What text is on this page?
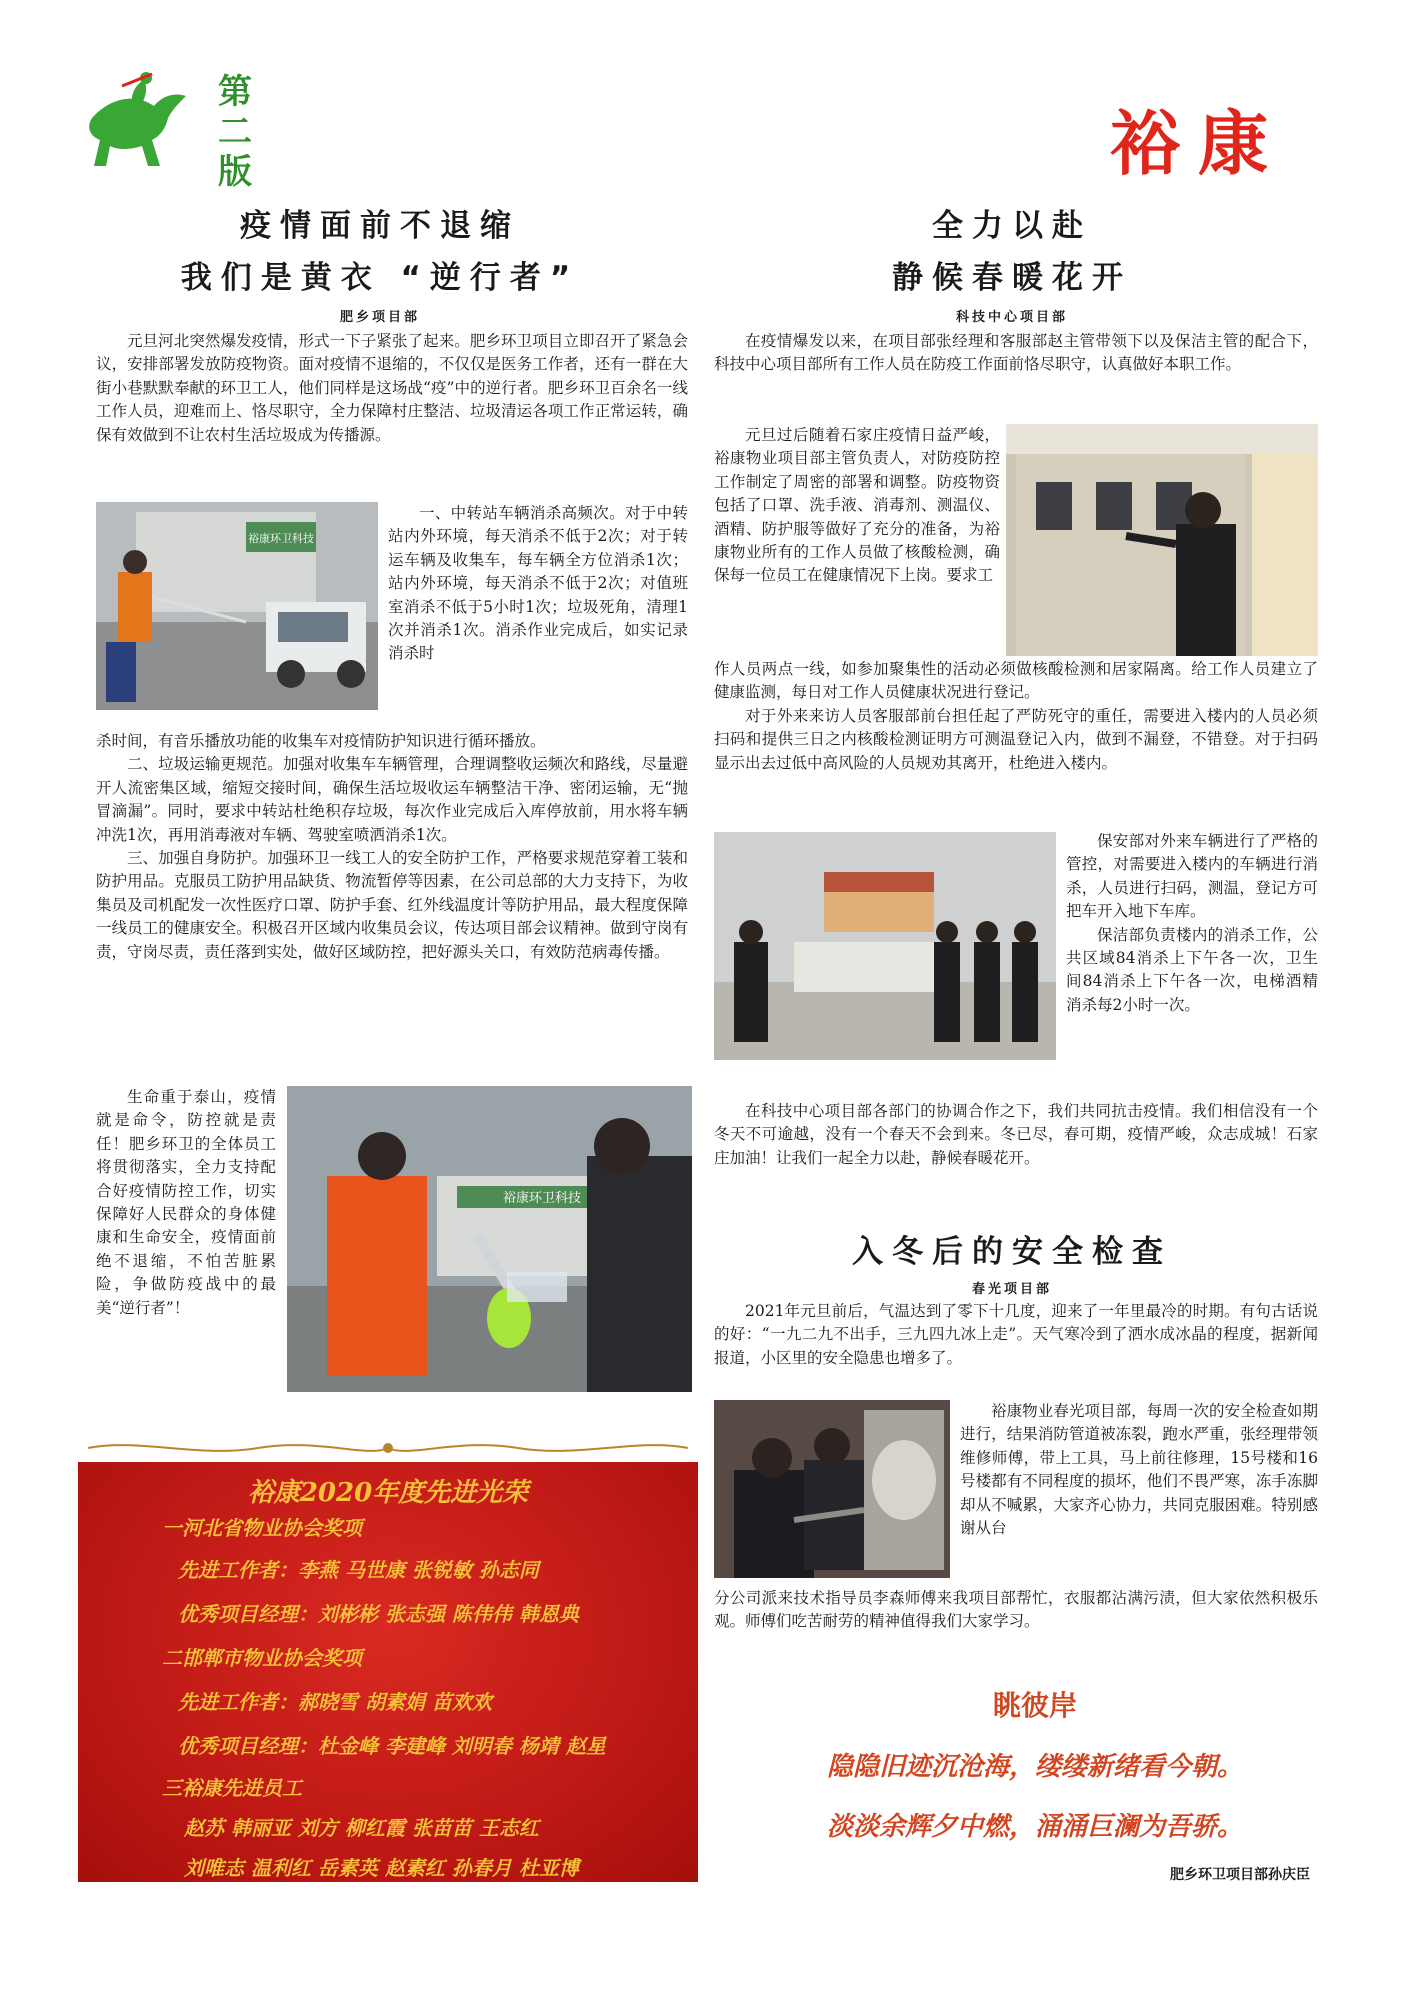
第二版	裕康
疫情面前不退缩
我们是黄衣 “逆行者”
肥乡项目部

元旦河北突然爆发疫情，形式一下子紧张了起来。肥乡环卫项目立即召开了紧急会议，安排部署发放防疫物资。面对疫情不退缩的，不仅仅是医务工作者，还有一群在大街小巷默默奉献的环卫工人，他们同样是这场战“疫”中的逆行者。肥乡环卫百余名一线工作人员，迎难而上、恪尽职守，全力保障村庄整洁、垃圾清运各项工作正常运转，确保有效做到不让农村生活垃圾成为传播源。

裕康环卫科技

一、中转站车辆消杀高频次。对于中转站内外环境，每天消杀不低于2次；对于转运车辆及收集车，每车辆全方位消杀1次；站内外环境，每天消杀不低于2次；对值班室消杀不低于5小时1次；垃圾死角，清理1次并消杀1次。消杀作业完成后，如实记录消杀时

杀时间，有音乐播放功能的收集车对疫情防护知识进行循环播放。

二、垃圾运输更规范。加强对收集车车辆管理，合理调整收运频次和路线，尽量避开人流密集区域，缩短交接时间，确保生活垃圾收运车辆整洁干净、密闭运输，无“抛冒滴漏”。同时，要求中转站杜绝积存垃圾，每次作业完成后入库停放前，用水将车辆冲洗1次，再用消毒液对车辆、驾驶室喷洒消杀1次。

三、加强自身防护。加强环卫一线工人的安全防护工作，严格要求规范穿着工装和防护用品。克服员工防护用品缺货、物流暂停等因素，在公司总部的大力支持下，为收集员及司机配发一次性医疗口罩、防护手套、红外线温度计等防护用品，最大程度保障一线员工的健康安全。积极召开区域内收集员会议，传达项目部会议精神。做到守岗有责，守岗尽责，责任落到实处，做好区域防控，把好源头关口，有效防范病毒传播。

生命重于泰山，疫情就是命令，防控就是责任！肥乡环卫的全体员工将贯彻落实，全力支持配合好疫情防控工作，切实保障好人民群众的身体健康和生命安全，疫情面前绝不退缩，不怕苦脏累险，争做防疫战中的最美“逆行者”！

裕康环卫科技
裕康2020年度先进光荣
一河北省物业协会奖项
先进工作者：李燕 马世康 张锐敏 孙志同
优秀项目经理：刘彬彬 张志强 陈伟伟 韩恩典
二邯郸市物业协会奖项
先进工作者：郝晓雪 胡素娟 苗欢欢
优秀项目经理：杜金峰 李建峰 刘明春 杨靖 赵星
三裕康先进员工
赵苏 韩丽亚 刘方 柳红霞 张苗苗 王志红
刘唯志 温利红 岳素英 赵素红 孙春月 杜亚博
全力以赴
静候春暖花开
科技中心项目部

在疫情爆发以来，在项目部张经理和客服部赵主管带领下以及保洁主管的配合下，科技中心项目部所有工作人员在防疫工作面前恪尽职守，认真做好本职工作。

元旦过后随着石家庄疫情日益严峻，裕康物业项目部主管负责人，对防疫防控工作制定了周密的部署和调整。防疫物资包括了口罩、洗手液、消毒剂、测温仪、酒精、防护服等做好了充分的准备，为裕康物业所有的工作人员做了核酸检测，确保每一位员工在健康情况下上岗。要求工

作人员两点一线，如参加聚集性的活动必须做核酸检测和居家隔离。给工作人员建立了健康监测，每日对工作人员健康状况进行登记。

对于外来来访人员客服部前台担任起了严防死守的重任，需要进入楼内的人员必须扫码和提供三日之内核酸检测证明方可测温登记入内，做到不漏登，不错登。对于扫码显示出去过低中高风险的人员规劝其离开，杜绝进入楼内。

保安部对外来车辆进行了严格的管控，对需要进入楼内的车辆进行消杀，人员进行扫码，测温，登记方可把车开入地下车库。

保洁部负责楼内的消杀工作，公共区域84消杀上下午各一次，卫生间84消杀上下午各一次，电梯酒精消杀每2小时一次。

在科技中心项目部各部门的协调合作之下，我们共同抗击疫情。我们相信没有一个冬天不可逾越，没有一个春天不会到来。冬已尽，春可期，疫情严峻，众志成城！石家庄加油！让我们一起全力以赴，静候春暖花开。

入冬后的安全检查
春光项目部

2021年元旦前后，气温达到了零下十几度，迎来了一年里最冷的时期。有句古话说的好：“一九二九不出手，三九四九冰上走”。天气寒冷到了洒水成冰晶的程度，据新闻报道，小区里的安全隐患也增多了。

裕康物业春光项目部，每周一次的安全检查如期进行，结果消防管道被冻裂，跑水严重，张经理带领维修师傅，带上工具，马上前往修理，15号楼和16号楼都有不同程度的损坏，他们不畏严寒，冻手冻脚却从不喊累，大家齐心协力，共同克服困难。特别感谢从台

分公司派来技术指导员李森师傅来我项目部帮忙，衣服都沾满污渍，但大家依然积极乐观。师傅们吃苦耐劳的精神值得我们大家学习。

眺彼岸
隐隐旧迹沉沧海，缕缕新绪看今朝。
淡淡余辉夕中燃，涌涌巨澜为吾骄。
肥乡环卫项目部孙庆臣
